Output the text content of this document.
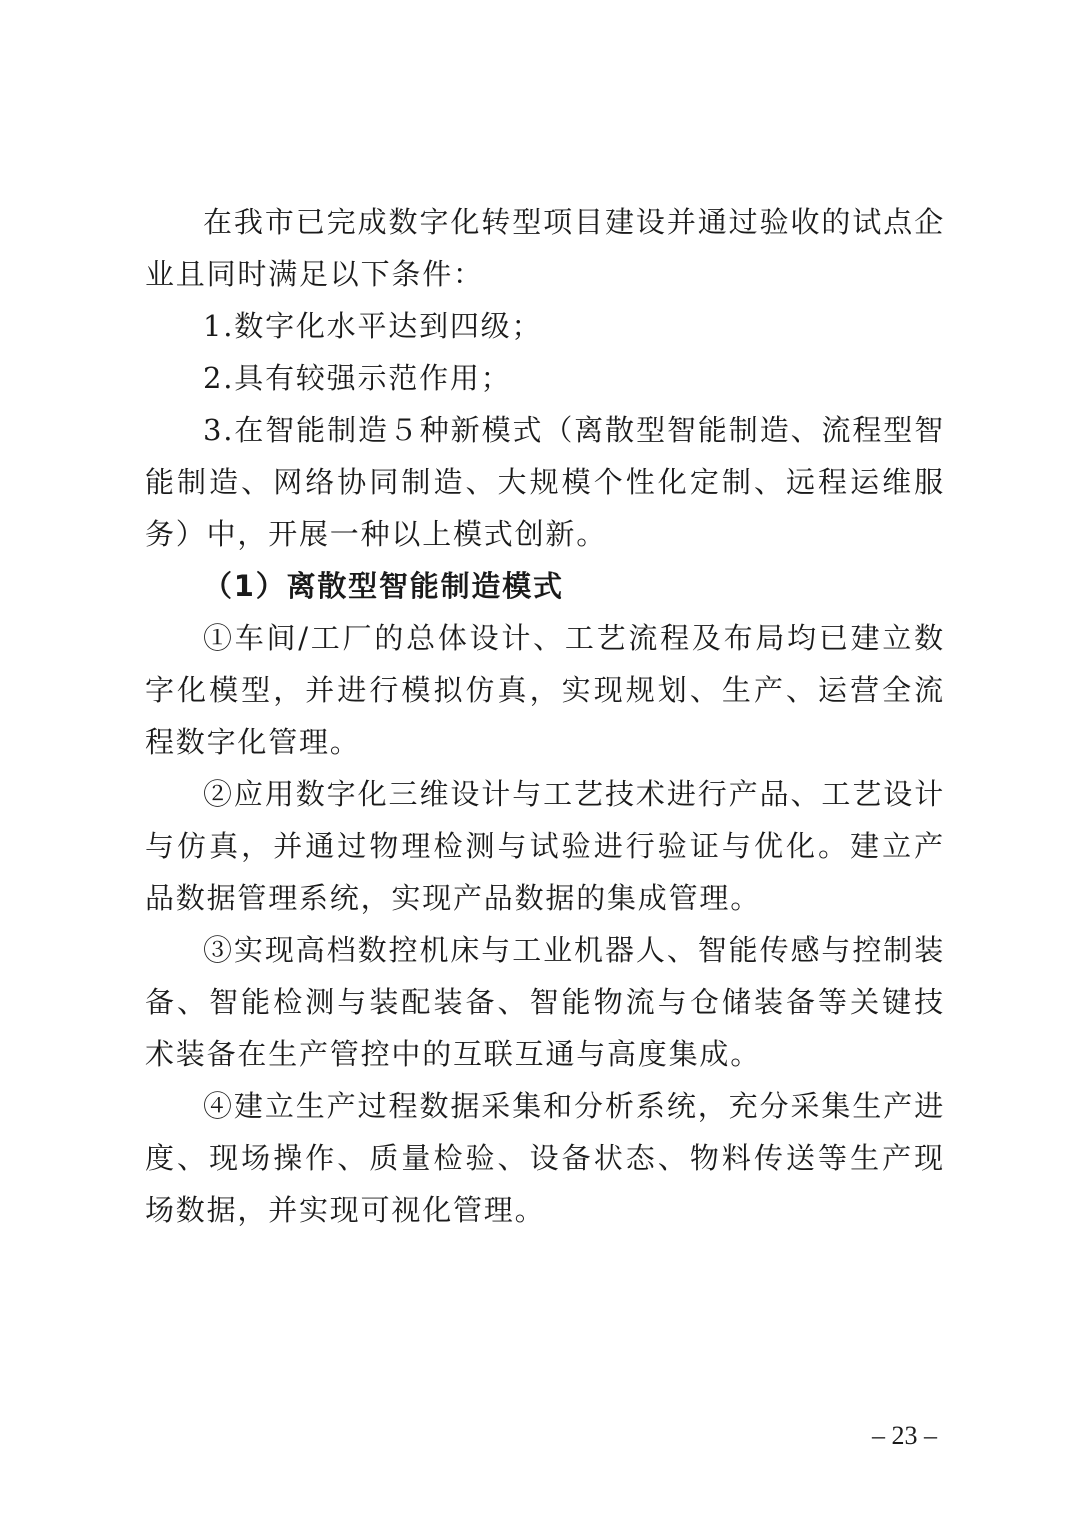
在我市已完成数字化转型项目建设并通过验收的试点企业且同时满足以下条件：

1.数字化水平达到四级；

2.具有较强示范作用；

3.在智能制造５种新模式（离散型智能制造、流程型智能制造、网络协同制造、大规模个性化定制、远程运维服务）中，开展一种以上模式创新。

（1）离散型智能制造模式

①车间/工厂的总体设计、工艺流程及布局均已建立数字化模型，并进行模拟仿真，实现规划、生产、运营全流程数字化管理。

②应用数字化三维设计与工艺技术进行产品、工艺设计与仿真，并通过物理检测与试验进行验证与优化。建立产品数据管理系统，实现产品数据的集成管理。

③实现高档数控机床与工业机器人、智能传感与控制装备、智能检测与装配装备、智能物流与仓储装备等关键技术装备在生产管控中的互联互通与高度集成。

④建立生产过程数据采集和分析系统，充分采集生产进度、现场操作、质量检验、设备状态、物料传送等生产现场数据，并实现可视化管理。

– 23 –
